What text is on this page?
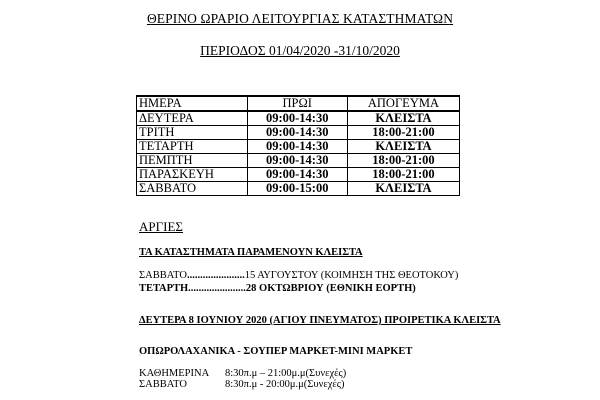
ΘΕΡΙΝΟ ΩΡΑΡΙΟ ΛΕΙΤΟΥΡΓΙΑΣ ΚΑΤΑΣΤΗΜΑΤΩΝ
ΠΕΡΙΟΔΟΣ 01/04/2020 -31/10/2020
ΗΜΕΡΑ	ΠΡΩΙ	ΑΠΟΓΕΥΜΑ
ΔΕΥΤΕΡΑ	09:00-14:30	ΚΛΕΙΣΤΑ
ΤΡΙΤΗ	09:00-14:30	18:00-21:00
ΤΕΤΑΡΤΗ	09:00-14:30	ΚΛΕΙΣΤΑ
ΠΕΜΠΤΗ	09:00-14:30	18:00-21:00
ΠΑΡΑΣΚΕΥΗ	09:00-14:30	18:00-21:00
ΣΑΒΒΑΤΟ	09:00-15:00	ΚΛΕΙΣΤΑ
ΑΡΓΙΕΣ
ΤΑ ΚΑΤΑΣΤΗΜΑΤΑ ΠΑΡΑΜΕΝΟΥΝ ΚΛΕΙΣΤΑ
ΣΑΒΒΑΤΟ......................15 ΑΥΓΟΥΣΤΟΥ (ΚΟΙΜΗΣΗ ΤΗΣ ΘΕΟΤΟΚΟΥ)
ΤΕΤΑΡΤΗ......................28 ΟΚΤΩΒΡΙΟΥ (ΕΘΝΙΚΗ ΕΟΡΤΗ)
ΔΕΥΤΕΡΑ 8 ΙΟΥΝΙΟΥ 2020 (ΑΓΙΟΥ ΠΝΕΥΜΑΤΟΣ) ΠΡΟΙΡΕΤΙΚΑ ΚΛΕΙΣΤΑ
ΟΠΩΡΟΛΑΧΑΝΙΚΑ - ΣΟΥΠΕΡ ΜΑΡΚΕΤ-MINI ΜΑΡΚΕΤ
ΚΑΘΗΜΕΡΙΝΑ 8:30π.μ – 21:00μ.μ(Συνεχές)
ΣΑΒΒΑΤΟ	8:30π.μ - 20:00μ.μ(Συνεχές)
